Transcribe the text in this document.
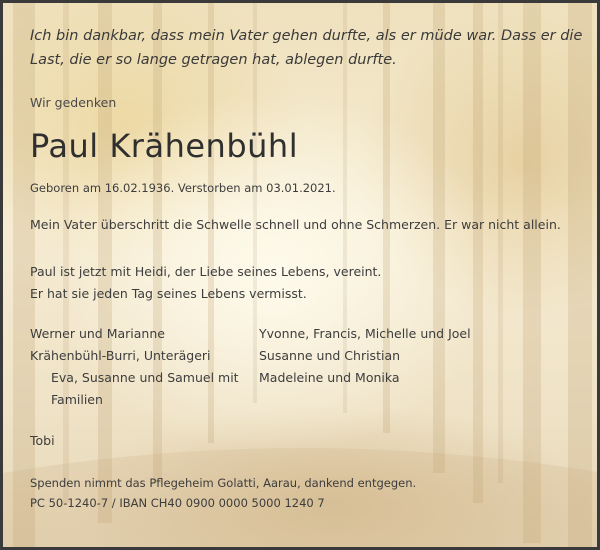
Ich bin dankbar, dass mein Vater gehen durfte, als er müde war. Dass er die
Last, die er so lange getragen hat, ablegen durfte.

Wir gedenken

Paul Krähenbühl

Geboren am 16.02.1936. Verstorben am 03.01.2021.

Mein Vater überschritt die Schwelle schnell und ohne Schmerzen. Er war nicht allein.

Paul ist jetzt mit Heidi, der Liebe seines Lebens, vereint.
Er hat sie jeden Tag seines Lebens vermisst.

Werner und Marianne
Krähenbühl-Burri, Unterägeri
Eva, Susanne und Samuel mit
Familien
Yvonne, Francis, Michelle und Joel
Susanne und Christian
Madeleine und Monika

Tobi

Spenden nimmt das Pflegeheim Golatti, Aarau, dankend entgegen.
PC 50-1240-7 / IBAN CH40 0900 0000 5000 1240 7
